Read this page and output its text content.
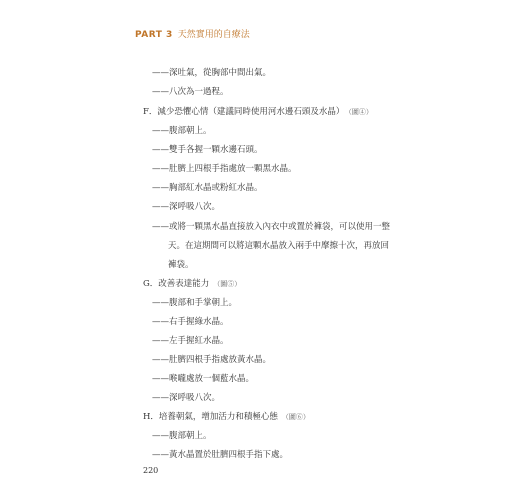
PART 3 天然實用的自療法
——深吐氣，從胸部中間出氣。
——八次為一過程。
F．減少恐懼心情（建議同時使用河水邊石頭及水晶） （圖④）
——腹部朝上。
——雙手各握一顆水邊石頭。
——肚臍上四根手指處放一顆黑水晶。
——胸部紅水晶或粉紅水晶。
——深呼吸八次。
——或將一顆黑水晶直接放入內衣中或置於褲袋，可以使用一整
天。在這期間可以將這顆水晶放入兩手中摩擦十次，再放回
褲袋。
G．改善表達能力 （圖⑤）
——腹部和手掌朝上。
——右手握綠水晶。
——左手握紅水晶。
——肚臍四根手指處放黃水晶。
——喉嚨處放一個藍水晶。
——深呼吸八次。
H．培養朝氣，增加活力和積極心態 （圖⑥）
——腹部朝上。
——黃水晶置於肚臍四根手指下處。
220
